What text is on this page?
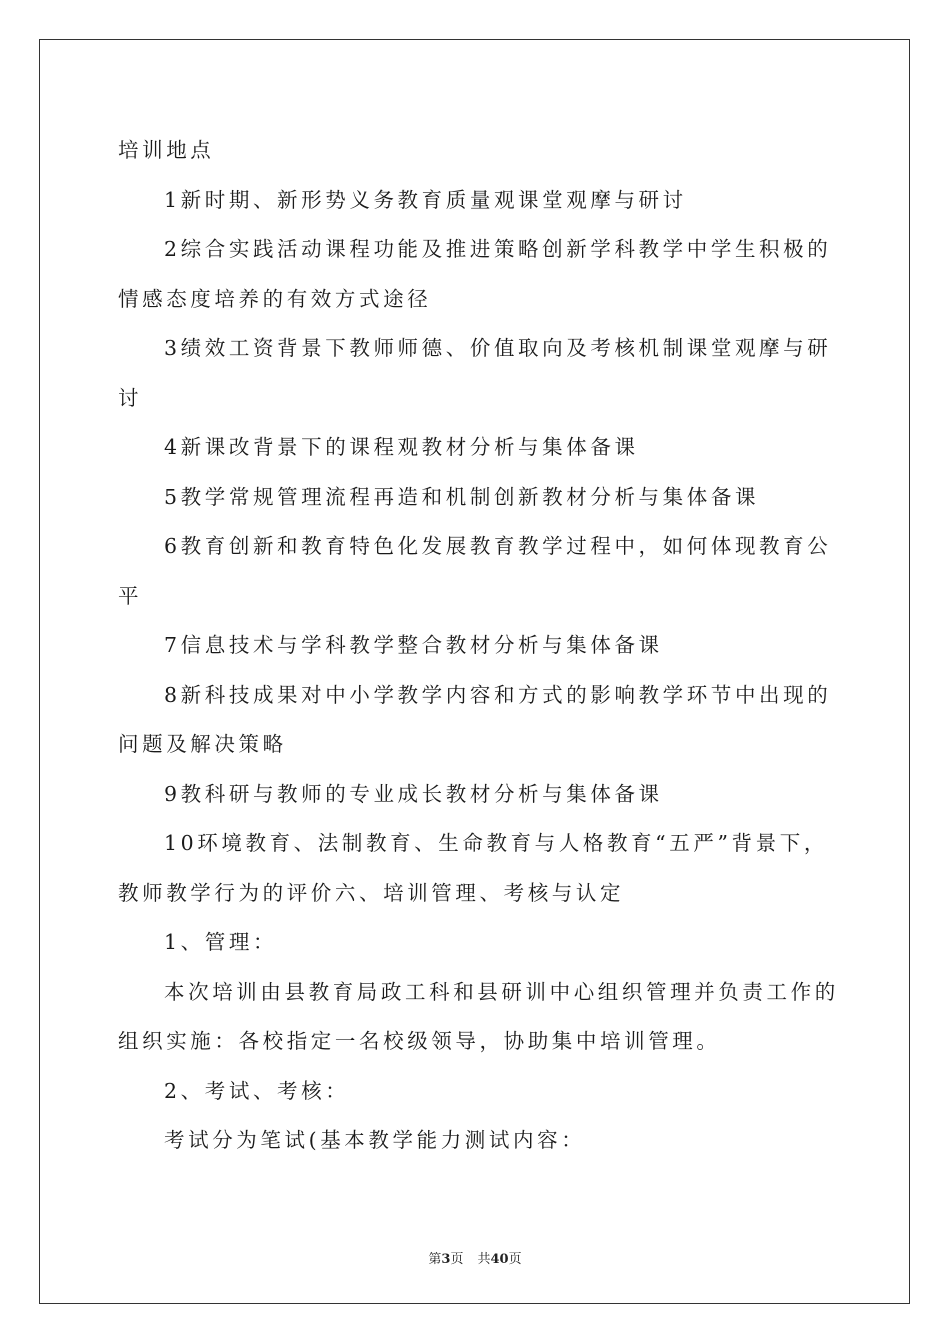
培训地点
1新时期、新形势义务教育质量观课堂观摩与研讨
2综合实践活动课程功能及推进策略创新学科教学中学生积极的
情感态度培养的有效方式途径
3绩效工资背景下教师师德、价值取向及考核机制课堂观摩与研
讨
4新课改背景下的课程观教材分析与集体备课
5教学常规管理流程再造和机制创新教材分析与集体备课
6教育创新和教育特色化发展教育教学过程中，如何体现教育公
平
7信息技术与学科教学整合教材分析与集体备课
8新科技成果对中小学教学内容和方式的影响教学环节中出现的
问题及解决策略
9教科研与教师的专业成长教材分析与集体备课
10环境教育、法制教育、生命教育与人格教育“五严”背景下，
教师教学行为的评价六、培训管理、考核与认定
1、管理：
本次培训由县教育局政工科和县研训中心组织管理并负责工作的
组织实施：各校指定一名校级领导，协助集中培训管理。
2、考试、考核：
考试分为笔试(基本教学能力测试内容：
第3页 共40页
